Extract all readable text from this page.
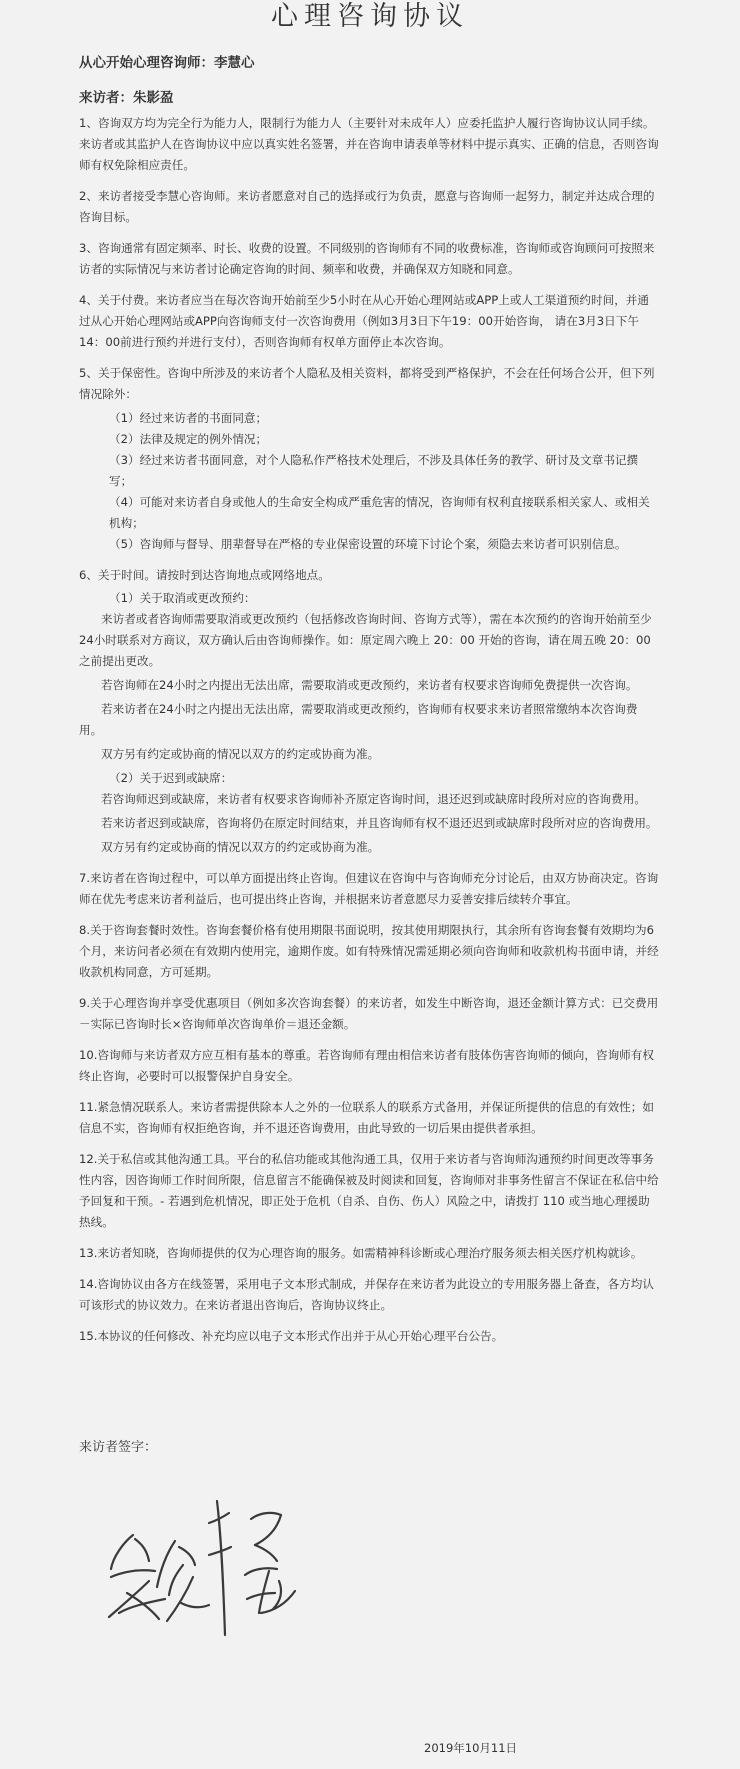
心理咨询协议
从心开始心理咨询师：李慧心
来访者：朱影盈

1、咨询双方均为完全行为能力人，限制行为能力人（主要针对未成年人）应委托监护人履行咨询协议认同手续。来访者或其监护人在咨询协议中应以真实姓名签署，并在咨询申请表单等材料中提示真实、正确的信息，否则咨询师有权免除相应责任。

2、来访者接受李慧心咨询师。来访者愿意对自己的选择或行为负责，愿意与咨询师一起努力，制定并达成合理的咨询目标。

3、咨询通常有固定频率、时长、收费的设置。不同级别的咨询师有不同的收费标准，咨询师或咨询顾问可按照来访者的实际情况与来访者讨论确定咨询的时间、频率和收费，并确保双方知晓和同意。

4、关于付费。来访者应当在每次咨询开始前至少5小时在从心开始心理网站或APP上或人工渠道预约时间，并通过从心开始心理网站或APP向咨询师支付一次咨询费用（例如3月3日下午19：00开始咨询， 请在3月3日下午14：00前进行预约并进行支付），否则咨询师有权单方面停止本次咨询。

5、关于保密性。咨询中所涉及的来访者个人隐私及相关资料，都将受到严格保护，不会在任何场合公开，但下列情况除外：

（1）经过来访者的书面同意；

（2）法律及规定的例外情况；

（3）经过来访者书面同意，对个人隐私作严格技术处理后，不涉及具体任务的教学、研讨及文章书记撰写；

（4）可能对来访者自身或他人的生命安全构成严重危害的情况，咨询师有权利直接联系相关家人、或相关机构；

（5）咨询师与督导、朋辈督导在严格的专业保密设置的环境下讨论个案，须隐去来访者可识别信息。

6、关于时间。请按时到达咨询地点或网络地点。

（1）关于取消或更改预约：

来访者或者咨询师需要取消或更改预约（包括修改咨询时间、咨询方式等），需在本次预约的咨询开始前至少24小时联系对方商议，双方确认后由咨询师操作。如：原定周六晚上 20：00 开始的咨询，请在周五晚 20：00 之前提出更改。

若咨询师在24小时之内提出无法出席，需要取消或更改预约，来访者有权要求咨询师免费提供一次咨询。

若来访者在24小时之内提出无法出席，需要取消或更改预约，咨询师有权要求来访者照常缴纳本次咨询费用。

双方另有约定或协商的情况以双方的约定或协商为准。

（2）关于迟到或缺席：

若咨询师迟到或缺席，来访者有权要求咨询师补齐原定咨询时间，退还迟到或缺席时段所对应的咨询费用。

若来访者迟到或缺席，咨询将仍在原定时间结束，并且咨询师有权不退还迟到或缺席时段所对应的咨询费用。

双方另有约定或协商的情况以双方的约定或协商为准。

7.来访者在咨询过程中，可以单方面提出终止咨询。但建议在咨询中与咨询师充分讨论后，由双方协商决定。咨询师在优先考虑来访者利益后，也可提出终止咨询，并根据来访者意愿尽力妥善安排后续转介事宜。

8.关于咨询套餐时效性。咨询套餐价格有使用期限书面说明，按其使用期限执行，其余所有咨询套餐有效期均为6个月，来访问者必须在有效期内使用完，逾期作废。如有特殊情况需延期必须向咨询师和收款机构书面申请，并经收款机构同意，方可延期。

9.关于心理咨询并享受优惠项目（例如多次咨询套餐）的来访者，如发生中断咨询，退还金额计算方式：已交费用－实际已咨询时长×咨询师单次咨询单价＝退还金额。

10.咨询师与来访者双方应互相有基本的尊重。若咨询师有理由相信来访者有肢体伤害咨询师的倾向，咨询师有权终止咨询，必要时可以报警保护自身安全。

11.紧急情况联系人。来访者需提供除本人之外的一位联系人的联系方式备用，并保证所提供的信息的有效性；如信息不实，咨询师有权拒绝咨询，并不退还咨询费用，由此导致的一切后果由提供者承担。

12.关于私信或其他沟通工具。平台的私信功能或其他沟通工具，仅用于来访者与咨询师沟通预约时间更改等事务性内容，因咨询师工作时间所限，信息留言不能确保被及时阅读和回复，咨询师对非事务性留言不保证在私信中给予回复和干预。- 若遇到危机情况，即正处于危机（自杀、自伤、伤人）风险之中，请拨打 110 或当地心理援助热线。

13.来访者知晓，咨询师提供的仅为心理咨询的服务。如需精神科诊断或心理治疗服务须去相关医疗机构就诊。

14.咨询协议由各方在线签署，采用电子文本形式制成，并保存在来访者为此设立的专用服务器上备查，各方均认可该形式的协议效力。在来访者退出咨询后，咨询协议终止。

15.本协议的任何修改、补充均应以电子文本形式作出并于从心开始心理平台公告。

来访者签字：
2019年10月11日
